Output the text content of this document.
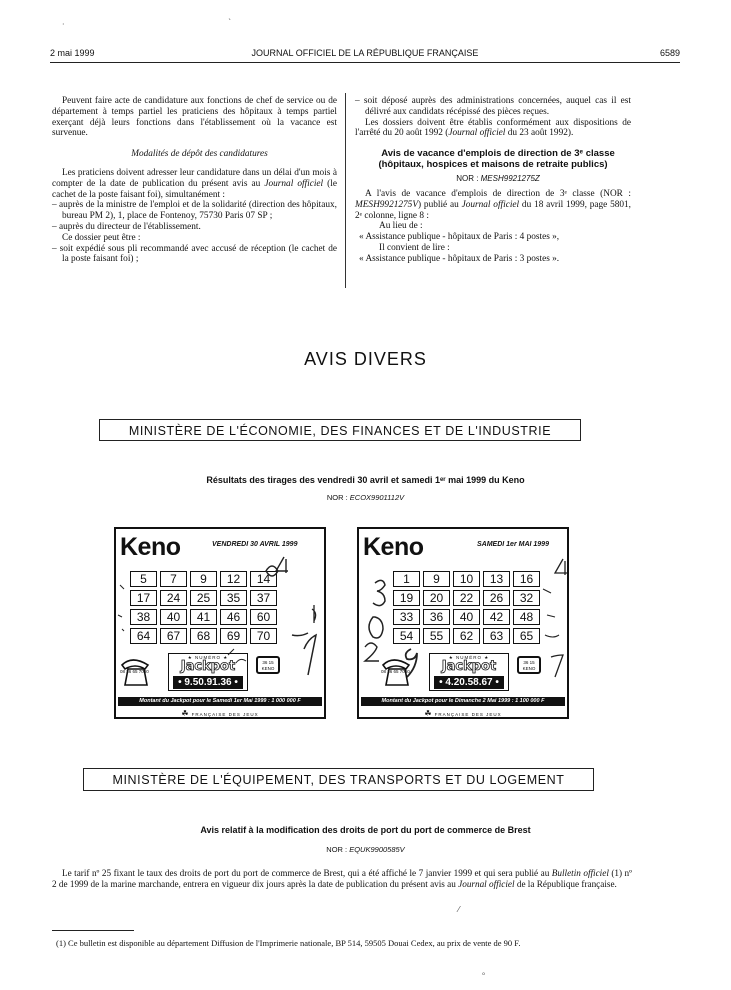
2 mai 1999	JOURNAL OFFICIEL DE LA RÉPUBLIQUE FRANÇAISE	6589

Peuvent faire acte de candidature aux fonctions de chef de service ou de département à temps partiel les praticiens des hôpitaux à temps partiel exerçant déjà leurs fonctions dans l'établissement où la vacance est survenue.

Modalités de dépôt des candidatures

Les praticiens doivent adresser leur candidature dans un délai d'un mois à compter de la date de publication du présent avis au Journal officiel (le cachet de la poste faisant foi), simultanément :

– auprès de la ministre de l'emploi et de la solidarité (direction des hôpitaux, bureau PM 2), 1, place de Fontenoy, 75730 Paris 07 SP ;

– auprès du directeur de l'établissement.

Ce dossier peut être :

– soit expédié sous pli recommandé avec accusé de réception (le cachet de la poste faisant foi) ;

– soit déposé auprès des administrations concernées, auquel cas il est délivré aux candidats récépissé des pièces reçues.

Les dossiers doivent être établis conformément aux dispositions de l'arrêté du 20 août 1992 (Journal officiel du 23 août 1992).

Avis de vacance d'emplois de direction de 3ᵉ classe (hôpitaux, hospices et maisons de retraite publics)

NOR : MESH9921275Z

A l'avis de vacance d'emplois de direction de 3ᵉ classe (NOR : MESH9921275V) publié au Journal officiel du 18 avril 1999, page 5801, 2ᵉ colonne, ligne 8 :

Au lieu de :

« Assistance publique - hôpitaux de Paris : 4 postes »,

Il convient de lire :

« Assistance publique - hôpitaux de Paris : 3 postes ».

AVIS DIVERS
MINISTÈRE DE L'ÉCONOMIE, DES FINANCES ET DE L'INDUSTRIE
Résultats des tirages des vendredi 30 avril et samedi 1ᵉʳ mai 1999 du Keno
NOR : ECOX9901112V
Keno	VENDREDI 30 AVRIL 1999
5	7	9	12	14
17	24	25	35	37
38	40	41	46	60
64	67	68	69	70
08 36 65 7000
★ NUMÉRO ★
Jackpot
• 9.50.91.36 •
36 15 KENO
Montant du Jackpot pour le Samedi 1er Mai 1999 : 1 000 000 F
☘ FRANÇAISE DES JEUX
Keno	SAMEDI 1er MAI 1999
1	9	10	13	16
19	20	22	26	32
33	36	40	42	48
54	55	62	63	65
08 36 65 7000
★ NUMÉRO ★
Jackpot
• 4.20.58.67 •
36 15 KENO
Montant du Jackpot pour le Dimanche 2 Mai 1999 : 1 100 000 F
☘ FRANÇAISE DES JEUX
MINISTÈRE DE L'ÉQUIPEMENT, DES TRANSPORTS ET DU LOGEMENT
Avis relatif à la modification des droits de port du port de commerce de Brest
NOR : EQUK9900585V

Le tarif nº 25 fixant le taux des droits de port du port de commerce de Brest, qui a été affiché le 7 janvier 1999 et qui sera publié au Bulletin officiel (1) nº 2 de 1999 de la marine marchande, entrera en vigueur dix jours après la date de publication du présent avis au Journal officiel de la République française.

(1) Ce bulletin est disponible au département Diffusion de l'Imprimerie nationale, BP 514, 59505 Douai Cedex, au prix de vente de 90 F.

ˋ
·
⁄
ₒ
